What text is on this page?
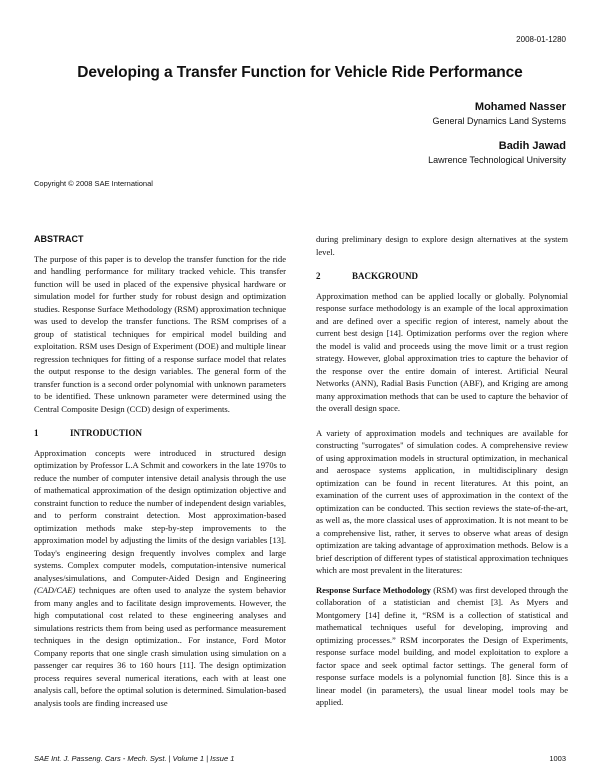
2008-01-1280
Developing a Transfer Function for Vehicle Ride Performance
Mohamed Nasser
General Dynamics Land Systems
Badih Jawad
Lawrence Technological University
Copyright © 2008 SAE International
ABSTRACT

The purpose of this paper is to develop the transfer function for the ride and handling performance for military tracked vehicle. This transfer function will be used in placed of the expensive physical hardware or simulation model for further study for robust design and optimization studies. Response Surface Methodology (RSM) approximation technique was used to develop the transfer functions. The RSM comprises of a group of statistical techniques for empirical model building and exploitation. RSM uses Design of Experiment (DOE) and multiple linear regression techniques for fitting of a response surface model that relates the output response to the design variables. The general form of the transfer function is a second order polynomial with unknown parameters to be identified. These unknown parameter were determined using the Central Composite Design (CCD) design of experiments.

1	INTRODUCTION

Approximation concepts were introduced in structured design optimization by Professor L.A Schmit and coworkers in the late 1970s to reduce the number of computer intensive detail analysis through the use of mathematical approximation of the design optimization objective and constraint function to reduce the number of independent design variables, and to perform constraint detection. Most approximation-based optimization methods make step-by-step improvements to the approximation model by adjusting the limits of the design variables [13]. Today's engineering design frequently involves complex and large systems. Complex computer models, computation-intensive numerical analyses/simulations, and Computer-Aided Design and Engineering (CAD/CAE) techniques are often used to analyze the system behavior from many angles and to facilitate design improvements. However, the high computational cost related to these engineering analyses and simulations restricts them from being used as performance measurement techniques in the design optimization.. For instance, Ford Motor Company reports that one single crash simulation using simulation on a passenger car requires 36 to 160 hours [11]. The design optimization process requires several numerical iterations, each with at least one analysis call, before the optimal solution is determined. Simulation-based analysis tools are finding increased use

during preliminary design to explore design alternatives at the system level.

2	BACKGROUND

Approximation method can be applied locally or globally. Polynomial response surface methodology is an example of the local approximation and are defined over a specific region of interest, namely about the current best design [14]. Optimization performs over the region where the model is valid and proceeds using the move limit or a trust region strategy. However, global approximation tries to capture the behavior of the response over the entire domain of interest. Artificial Neural Networks (ANN), Radial Basis Function (ABF), and Kriging are among many approximation methods that can be used to capture the behavior of the overall design space.

A variety of approximation models and techniques are available for constructing "surrogates" of simulation codes. A comprehensive review of using approximation models in structural optimization, in mechanical and aerospace systems application, in multidisciplinary design optimization can be found in recent literatures. At this point, an examination of the current uses of approximation in the context of the optimization can be conducted. This section reviews the state-of-the-art, as well as, the more classical uses of approximation. It is not meant to be a comprehensive list, rather, it serves to observe what areas of design optimization are taking advantage of approximation methods. Below is a brief description of different types of statistical approximation techniques which are most prevalent in the literatures:

Response Surface Methodology (RSM) was first developed through the collaboration of a statistician and chemist [3]. As Myers and Montgomery [14] define it, “RSM is a collection of statistical and mathematical techniques useful for developing, improving and optimizing processes.” RSM incorporates the Design of Experiments, response surface model building, and model exploitation to explore a factor space and seek optimal factor settings. The general form of response surface models is a polynomial function [8]. Since this is a linear model (in parameters), the usual linear model tools may be applied.

SAE Int. J. Passeng. Cars - Mech. Syst. | Volume 1 | Issue 1	1003
